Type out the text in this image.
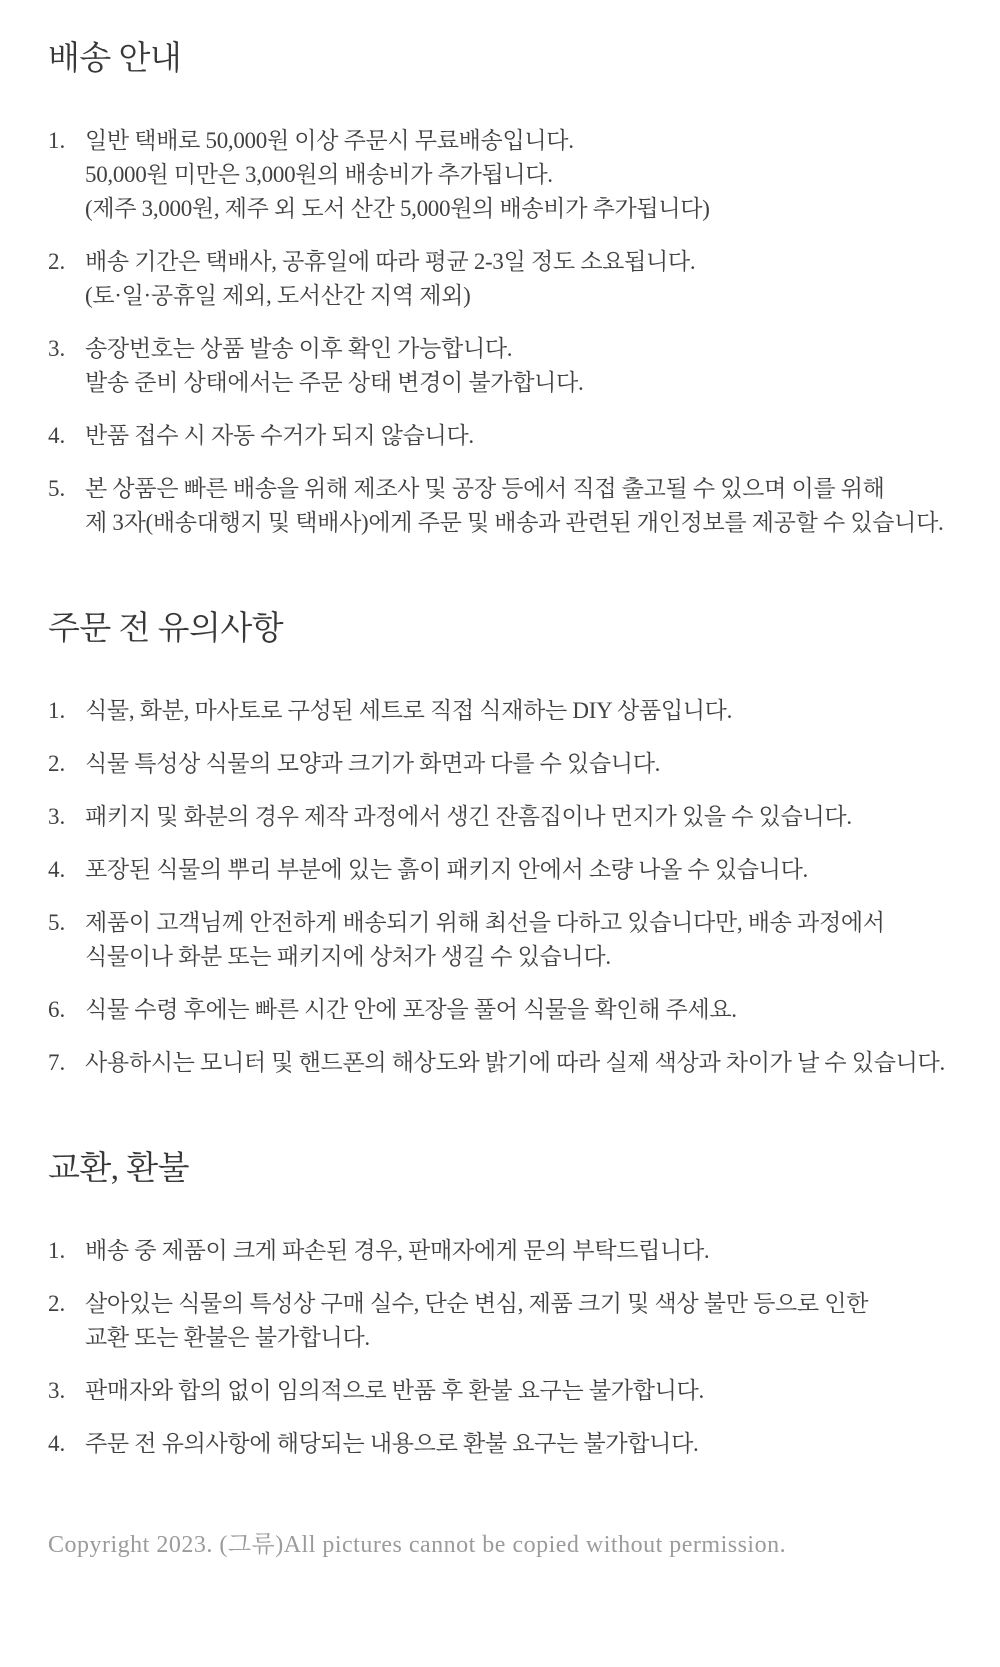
배송 안내
1. 일반 택배로 50,000원 이상 주문시 무료배송입니다.
50,000원 미만은 3,000원의 배송비가 추가됩니다.
(제주 3,000원, 제주 외 도서 산간 5,000원의 배송비가 추가됩니다)
2. 배송 기간은 택배사, 공휴일에 따라 평균 2-3일 정도 소요됩니다.
(토·일·공휴일 제외, 도서산간 지역 제외)
3. 송장번호는 상품 발송 이후 확인 가능합니다.
발송 준비 상태에서는 주문 상태 변경이 불가합니다.
4. 반품 접수 시 자동 수거가 되지 않습니다.
5. 본 상품은 빠른 배송을 위해 제조사 및 공장 등에서 직접 출고될 수 있으며 이를 위해
제 3자(배송대행지 및 택배사)에게 주문 및 배송과 관련된 개인정보를 제공할 수 있습니다.
주문 전 유의사항
1. 식물, 화분, 마사토로 구성된 세트로 직접 식재하는 DIY 상품입니다.
2. 식물 특성상 식물의 모양과 크기가 화면과 다를 수 있습니다.
3. 패키지 및 화분의 경우 제작 과정에서 생긴 잔흠집이나 먼지가 있을 수 있습니다.
4. 포장된 식물의 뿌리 부분에 있는 흙이 패키지 안에서 소량 나올 수 있습니다.
5. 제품이 고객님께 안전하게 배송되기 위해 최선을 다하고 있습니다만, 배송 과정에서
식물이나 화분 또는 패키지에 상처가 생길 수 있습니다.
6. 식물 수령 후에는 빠른 시간 안에 포장을 풀어 식물을 확인해 주세요.
7. 사용하시는 모니터 및 핸드폰의 해상도와 밝기에 따라 실제 색상과 차이가 날 수 있습니다.
교환, 환불
1. 배송 중 제품이 크게 파손된 경우, 판매자에게 문의 부탁드립니다.
2. 살아있는 식물의 특성상 구매 실수, 단순 변심, 제품 크기 및 색상 불만 등으로 인한
교환 또는 환불은 불가합니다.
3. 판매자와 합의 없이 임의적으로 반품 후 환불 요구는 불가합니다.
4. 주문 전 유의사항에 해당되는 내용으로 환불 요구는 불가합니다.
Copyright 2023. (그류)All pictures cannot be copied without permission.
